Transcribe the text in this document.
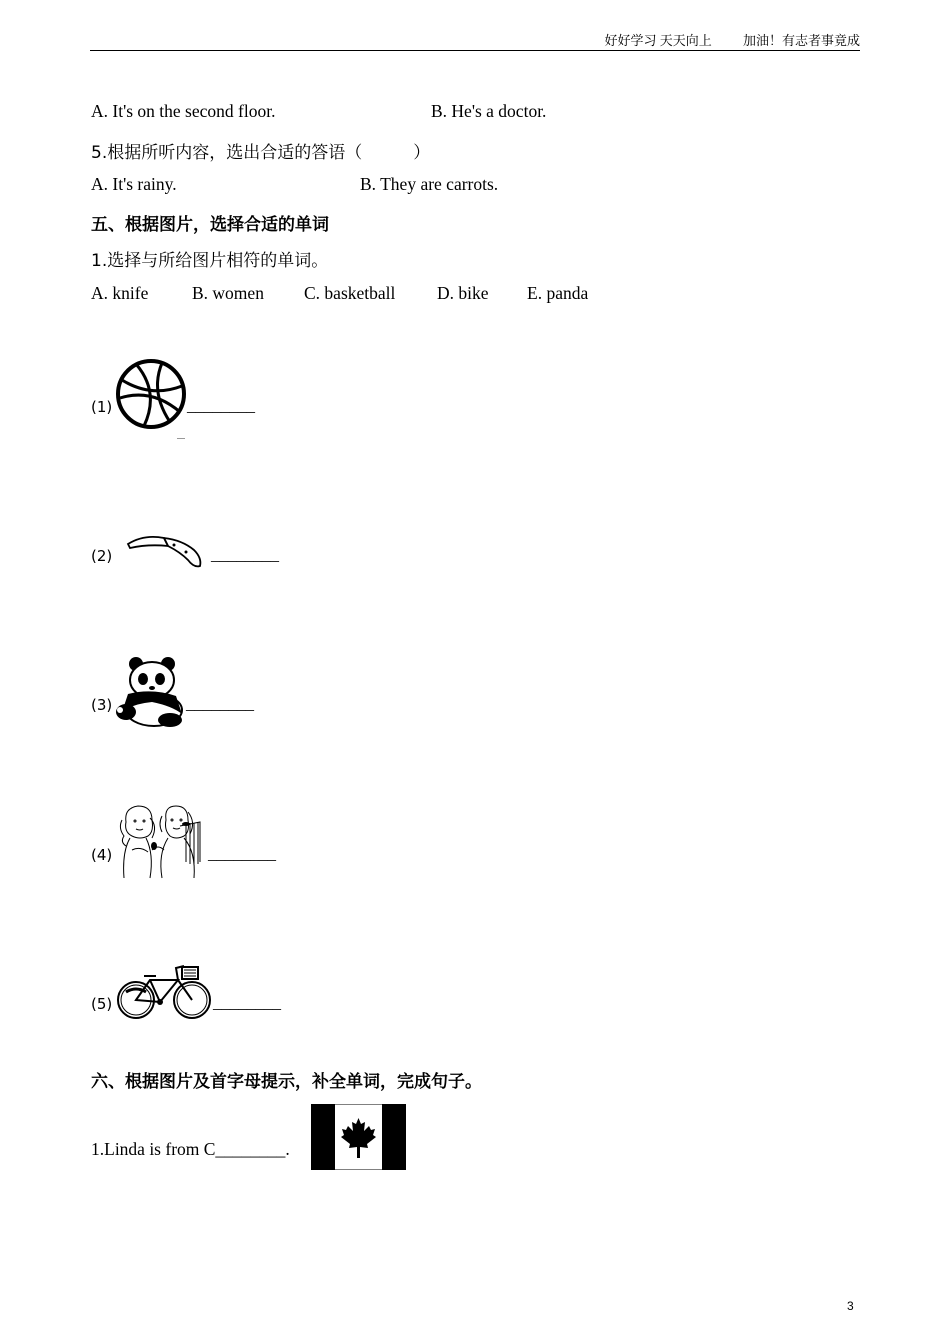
好好学习 天天向上 加油！有志者事竟成
A. It's on the second floor.	B. He's a doctor.
5.根据所听内容，选出合适的答语（　　　）
A. It's rainy.	B. They are carrots.
五、根据图片，选择合适的单词
1.选择与所给图片相符的单词。
A. knife B. women C. basketball D. bike E. panda
(1)	________
(2)	________
(3)	________
(4)	________
(5)	________
六、根据图片及首字母提示，补全单词，完成句子。
1.Linda is from C________.
3
